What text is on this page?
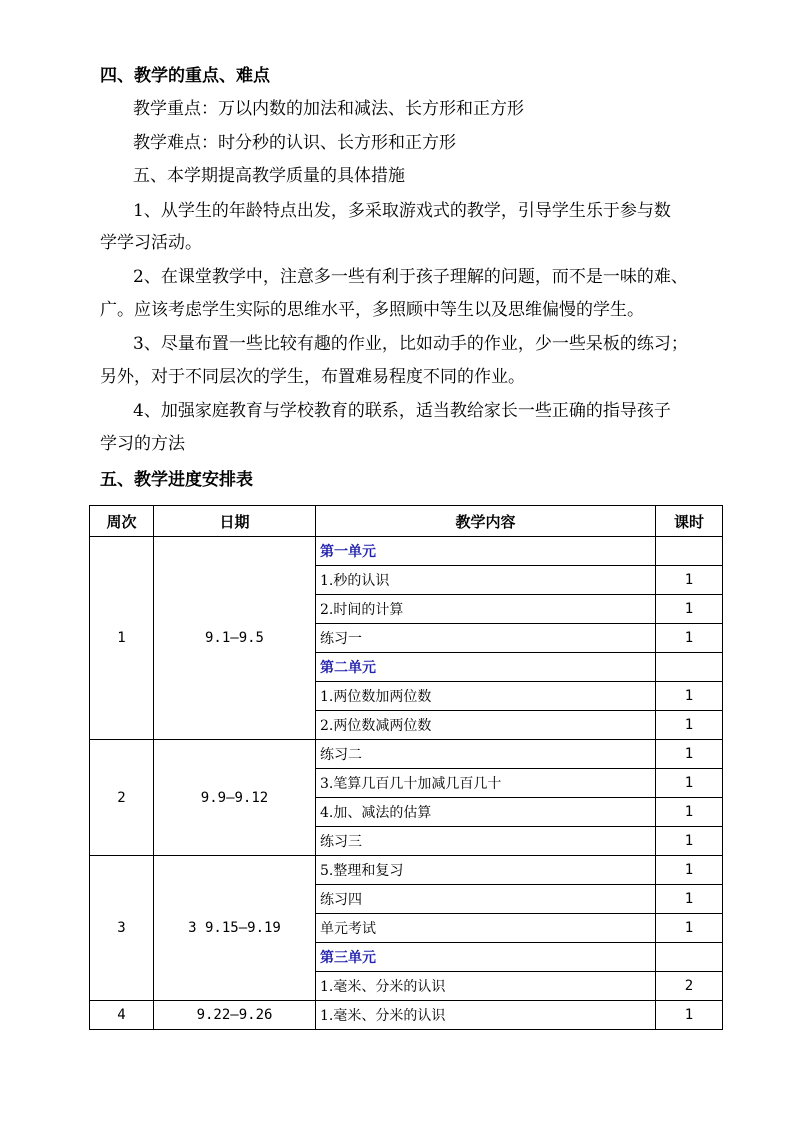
四、教学的重点、难点
教学重点：万以内数的加法和减法、长方形和正方形
教学难点：时分秒的认识、长方形和正方形
五、本学期提高教学质量的具体措施
1、从学生的年龄特点出发，多采取游戏式的教学，引导学生乐于参与数
学学习活动。
2、在课堂教学中，注意多一些有利于孩子理解的问题，而不是一味的难、
广。应该考虑学生实际的思维水平，多照顾中等生以及思维偏慢的学生。
3、尽量布置一些比较有趣的作业，比如动手的作业，少一些呆板的练习；
另外，对于不同层次的学生，布置难易程度不同的作业。
4、加强家庭教育与学校教育的联系，适当教给家长一些正确的指导孩子
学习的方法
五、教学进度安排表
周次	日期	教学内容	课时
1	9.1—9.5	第一单元	
		1.秒的认识	1
		2.时间的计算	1
		练习一	1
		第二单元	
		1.两位数加两位数	1
		2.两位数减两位数	1
2	9.9—9.12	练习二	1
		3.笔算几百几十加减几百几十	1
		4.加、减法的估算	1
		练习三	1
3	3 9.15—9.19	5.整理和复习	1
		练习四	1
		单元考试	1
		第三单元	
		1.毫米、分米的认识	2
4	9.22—9.26	1.毫米、分米的认识	1
